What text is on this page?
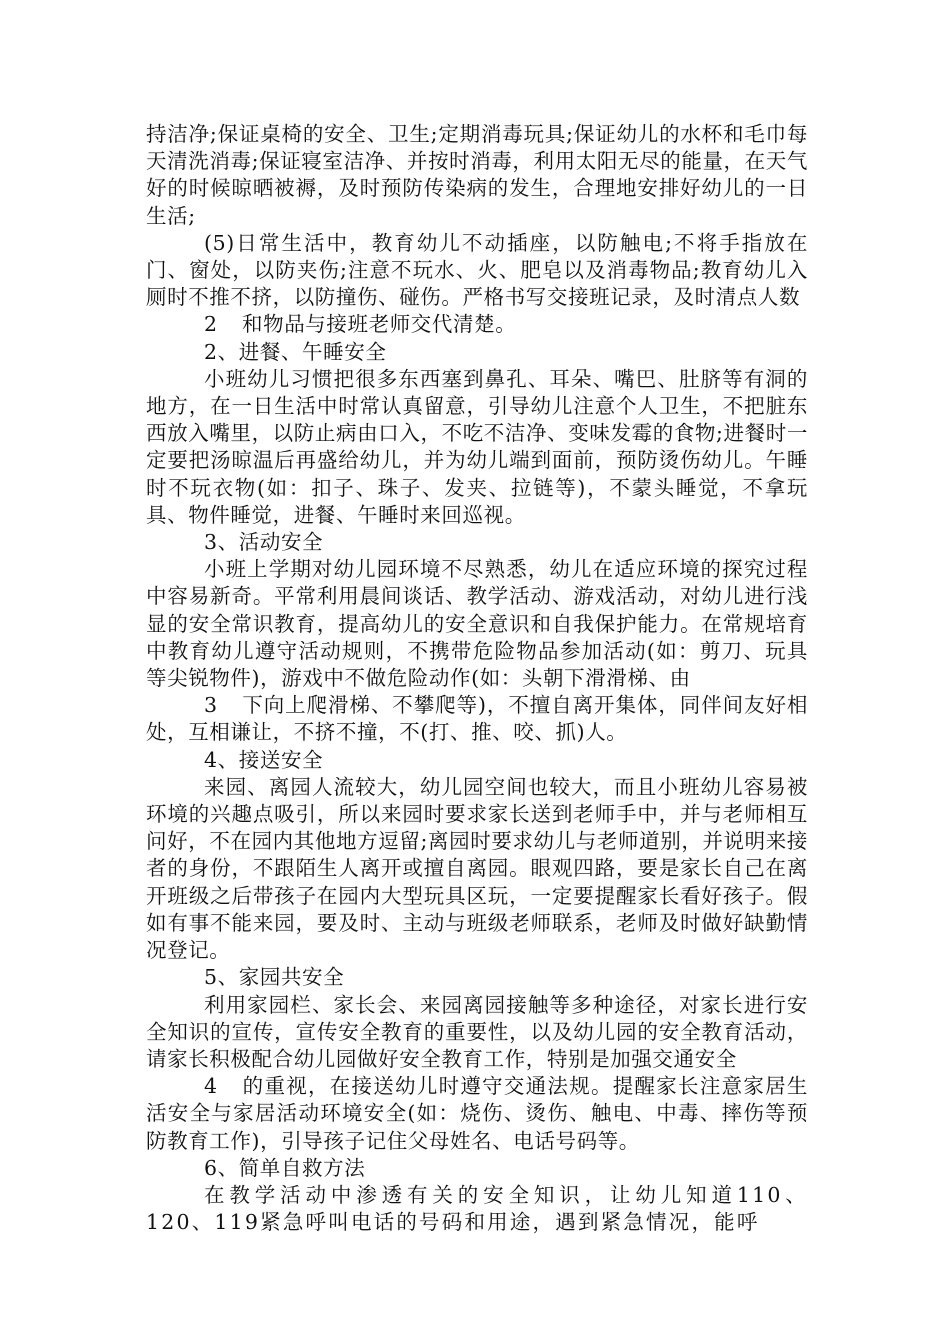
持洁净;保证桌椅的安全、卫生;定期消毒玩具;保证幼儿的水杯和毛巾每天清洗消毒;保证寝室洁净、并按时消毒，利用太阳无尽的能量，在天气好的时候晾晒被褥，及时预防传染病的发生，合理地安排好幼儿的一日生活;

(5)日常生活中，教育幼儿不动插座，以防触电;不将手指放在门、窗处，以防夹伤;注意不玩水、火、肥皂以及消毒物品;教育幼儿入厕时不推不挤，以防撞伤、碰伤。严格书写交接班记录，及时清点人数

2 和物品与接班老师交代清楚。

2、进餐、午睡安全

小班幼儿习惯把很多东西塞到鼻孔、耳朵、嘴巴、肚脐等有洞的地方，在一日生活中时常认真留意，引导幼儿注意个人卫生，不把脏东西放入嘴里，以防止病由口入，不吃不洁净、变味发霉的食物;进餐时一定要把汤晾温后再盛给幼儿，并为幼儿端到面前，预防烫伤幼儿。午睡时不玩衣物(如：扣子、珠子、发夹、拉链等)，不蒙头睡觉，不拿玩具、物件睡觉，进餐、午睡时来回巡视。

3、活动安全

小班上学期对幼儿园环境不尽熟悉，幼儿在适应环境的探究过程中容易新奇。平常利用晨间谈话、教学活动、游戏活动，对幼儿进行浅显的安全常识教育，提高幼儿的安全意识和自我保护能力。在常规培育中教育幼儿遵守活动规则，不携带危险物品参加活动(如：剪刀、玩具等尖锐物件)，游戏中不做危险动作(如：头朝下滑滑梯、由

3 下向上爬滑梯、不攀爬等)，不擅自离开集体，同伴间友好相处，互相谦让，不挤不撞，不(打、推、咬、抓)人。

4、接送安全

来园、离园人流较大，幼儿园空间也较大，而且小班幼儿容易被环境的兴趣点吸引，所以来园时要求家长送到老师手中，并与老师相互问好，不在园内其他地方逗留;离园时要求幼儿与老师道别，并说明来接者的身份，不跟陌生人离开或擅自离园。眼观四路，要是家长自己在离开班级之后带孩子在园内大型玩具区玩，一定要提醒家长看好孩子。假如有事不能来园，要及时、主动与班级老师联系，老师及时做好缺勤情况登记。

5、家园共安全

利用家园栏、家长会、来园离园接触等多种途径，对家长进行安全知识的宣传，宣传安全教育的重要性，以及幼儿园的安全教育活动，请家长积极配合幼儿园做好安全教育工作，特别是加强交通安全

4 的重视，在接送幼儿时遵守交通法规。提醒家长注意家居生活安全与家居活动环境安全(如：烧伤、烫伤、触电、中毒、摔伤等预防教育工作)，引导孩子记住父母姓名、电话号码等。

6、简单自救方法

在教学活动中渗透有关的安全知识，让幼儿知道110、120、119紧急呼叫电话的号码和用途，遇到紧急情况，能呼
